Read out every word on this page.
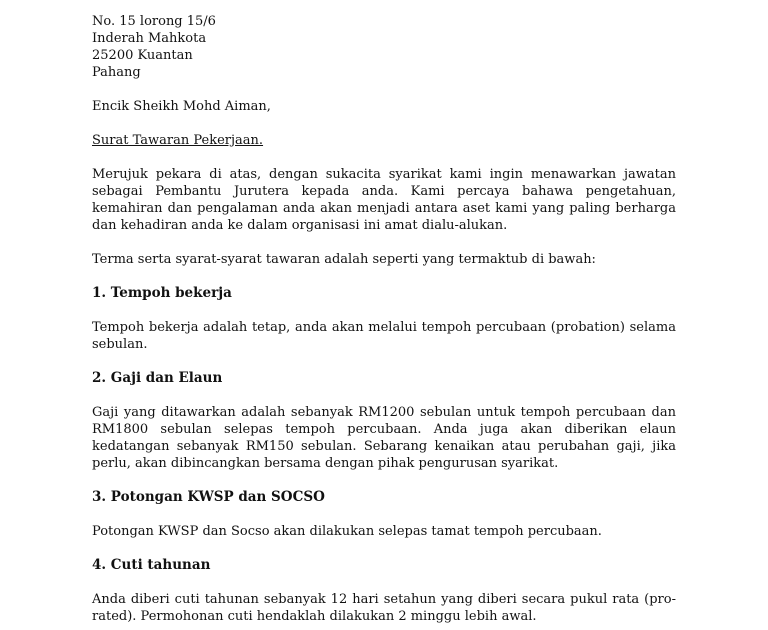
No. 15 lorong 15/6

Inderah Mahkota

25200 Kuantan

Pahang

Encik Sheikh Mohd Aiman,

Surat Tawaran Pekerjaan.

Merujuk pekara di atas, dengan sukacita syarikat kami ingin menawarkan jawatan sebagai Pembantu Jurutera kepada anda. Kami percaya bahawa pengetahuan, kemahiran dan pengalaman anda akan menjadi antara aset kami yang paling berharga dan kehadiran anda ke dalam organisasi ini amat dialu-alukan.

Terma serta syarat-syarat tawaran adalah seperti yang termaktub di bawah:

1. Tempoh bekerja

Tempoh bekerja adalah tetap, anda akan melalui tempoh percubaan (probation) selama sebulan.

2. Gaji dan Elaun

Gaji yang ditawarkan adalah sebanyak RM1200 sebulan untuk tempoh percubaan dan RM1800 sebulan selepas tempoh percubaan. Anda juga akan diberikan elaun kedatangan sebanyak RM150 sebulan. Sebarang kenaikan atau perubahan gaji, jika perlu, akan dibincangkan bersama dengan pihak pengurusan syarikat.

3. Potongan KWSP dan SOCSO

Potongan KWSP dan Socso akan dilakukan selepas tamat tempoh percubaan.

4. Cuti tahunan

Anda diberi cuti tahunan sebanyak 12 hari setahun yang diberi secara pukul rata (pro-rated). Permohonan cuti hendaklah dilakukan 2 minggu lebih awal.
